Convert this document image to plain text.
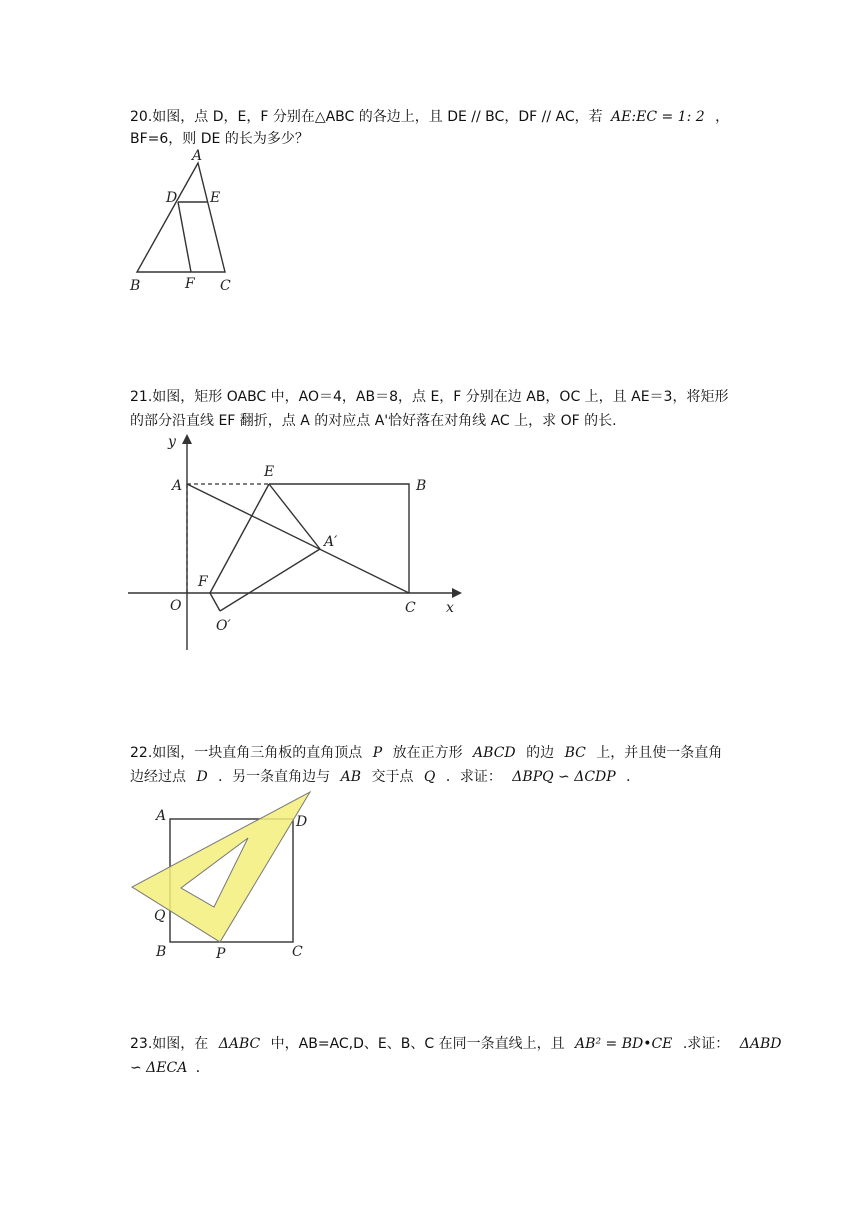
20.如图，点 D，E，F 分别在△ABC 的各边上，且 DE // BC，DF // AC，若 AE:EC = 1: 2 ，
BF=6，则 DE 的长为多少？
A
D E
B	F C
21.如图，矩形 OABC 中，AO＝4，AB＝8，点 E，F 分别在边 AB，OC 上，且 AE＝3，将矩形
的部分沿直线 EF 翻折，点 A 的对应点 A'恰好落在对角线 AC 上，求 OF 的长.
y
x
A
E
B
A′
F
O	C
O′
22.如图，一块直角三角板的直角顶点 P 放在正方形 ABCD 的边 BC 上，并且使一条直角
边经过点 D ．另一条直角边与 AB 交于点 Q ．求证： ΔBPQ ∽ ΔCDP ．
A	D
Q
B	P	C
23.如图，在 ΔABC 中，AB=AC,D、E、B、C 在同一条直线上，且 AB² = BD•CE .求证： ΔABD
∽ ΔECA ．
